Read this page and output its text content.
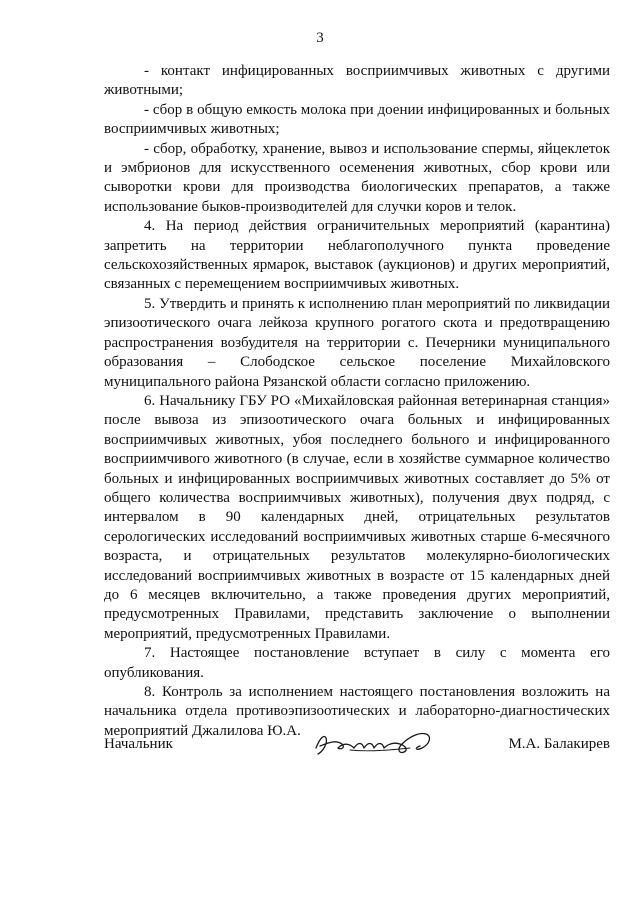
3

- контакт инфицированных восприимчивых животных с другими животными;

- сбор в общую емкость молока при доении инфицированных и больных восприимчивых животных;

- сбор, обработку, хранение, вывоз и использование спермы, яйцеклеток и эмбрионов для искусственного осеменения животных, сбор крови или сыворотки крови для производства биологических препаратов, а также использование быков-производителей для случки коров и телок.

4. На период действия ограничительных мероприятий (карантина) запретить на территории неблагополучного пункта проведение сельскохозяйственных ярмарок, выставок (аукционов) и других мероприятий, связанных с перемещением восприимчивых животных.

5. Утвердить и принять к исполнению план мероприятий по ликвидации эпизоотического очага лейкоза крупного рогатого скота и предотвращению распространения возбудителя на территории с. Печерники муниципального образования – Слободское сельское поселение Михайловского муниципального района Рязанской области согласно приложению.

6. Начальнику ГБУ РО «Михайловская районная ветеринарная станция» после вывоза из эпизоотического очага больных и инфицированных восприимчивых животных, убоя последнего больного и инфицированного восприимчивого животного (в случае, если в хозяйстве суммарное количество больных и инфицированных восприимчивых животных составляет до 5% от общего количества восприимчивых животных), получения двух подряд, с интервалом в 90 календарных дней, отрицательных результатов серологических исследований восприимчивых животных старше 6-месячного возраста, и отрицательных результатов молекулярно-биологических исследований восприимчивых животных в возрасте от 15 календарных дней до 6 месяцев включительно, а также проведения других мероприятий, предусмотренных Правилами, представить заключение о выполнении мероприятий, предусмотренных Правилами.

7. Настоящее постановление вступает в силу с момента его опубликования.

8. Контроль за исполнением настоящего постановления возложить на начальника отдела противоэпизоотических и лабораторно-диагностических мероприятий Джалилова Ю.А.

Начальник	М.А. Балакирев
